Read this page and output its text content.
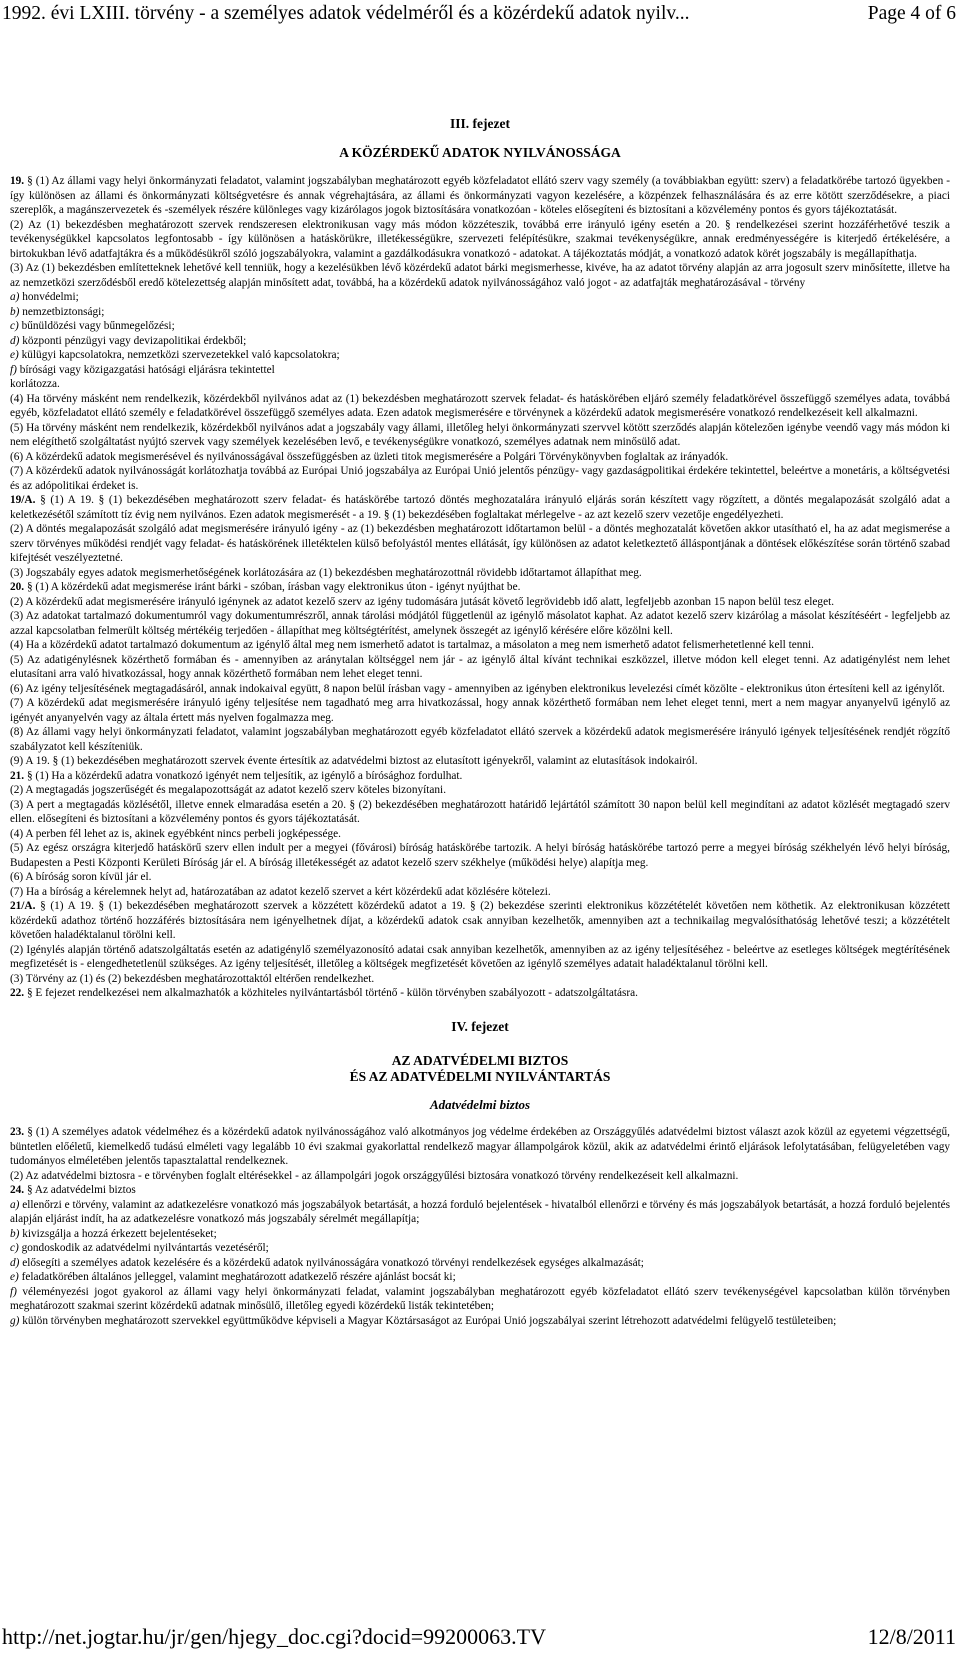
1992. évi LXIII. törvény - a személyes adatok védelméről és a közérdekű adatok nyilv...	Page 4 of 6

III. fejezet

A KÖZÉRDEKŰ ADATOK NYILVÁNOSSÁGA

19. § (1) Az állami vagy helyi önkormányzati feladatot, valamint jogszabályban meghatározott egyéb közfeladatot ellátó szerv vagy személy (a továbbiakban együtt: szerv) a feladatkörébe tartozó ügyekben - így különösen az állami és önkormányzati költségvetésre és annak végrehajtására, az állami és önkormányzati vagyon kezelésére, a közpénzek felhasználására és az erre kötött szerződésekre, a piaci szereplők, a magánszervezetek és -személyek részére különleges vagy kizárólagos jogok biztosítására vonatkozóan - köteles elősegíteni és biztosítani a közvélemény pontos és gyors tájékoztatását.

(2) Az (1) bekezdésben meghatározott szervek rendszeresen elektronikusan vagy más módon közzéteszik, továbbá erre irányuló igény esetén a 20. § rendelkezései szerint hozzáférhetővé teszik a tevékenységükkel kapcsolatos legfontosabb - így különösen a hatáskörükre, illetékességükre, szervezeti felépítésükre, szakmai tevékenységükre, annak eredményességére is kiterjedő értékelésére, a birtokukban lévő adatfajtákra és a működésükről szóló jogszabályokra, valamint a gazdálkodásukra vonatkozó - adatokat. A tájékoztatás módját, a vonatkozó adatok körét jogszabály is megállapíthatja.

(3) Az (1) bekezdésben említetteknek lehetővé kell tenniük, hogy a kezelésükben lévő közérdekű adatot bárki megismerhesse, kivéve, ha az adatot törvény alapján az arra jogosult szerv minősítette, illetve ha az nemzetközi szerződésből eredő kötelezettség alapján minősített adat, továbbá, ha a közérdekű adatok nyilvánosságához való jogot - az adatfajták meghatározásával - törvény

a) honvédelmi;

b) nemzetbiztonsági;

c) bűnüldözési vagy bűnmegelőzési;

d) központi pénzügyi vagy devizapolitikai érdekből;

e) külügyi kapcsolatokra, nemzetközi szervezetekkel való kapcsolatokra;

f) bírósági vagy közigazgatási hatósági eljárásra tekintettel

korlátozza.

(4) Ha törvény másként nem rendelkezik, közérdekből nyilvános adat az (1) bekezdésben meghatározott szervek feladat- és hatáskörében eljáró személy feladatkörével összefüggő személyes adata, továbbá egyéb, közfeladatot ellátó személy e feladatkörével összefüggő személyes adata. Ezen adatok megismerésére e törvénynek a közérdekű adatok megismerésére vonatkozó rendelkezéseit kell alkalmazni.

(5) Ha törvény másként nem rendelkezik, közérdekből nyilvános adat a jogszabály vagy állami, illetőleg helyi önkormányzati szervvel kötött szerződés alapján kötelezően igénybe veendő vagy más módon ki nem elégíthető szolgáltatást nyújtó szervek vagy személyek kezelésében levő, e tevékenységükre vonatkozó, személyes adatnak nem minősülő adat.

(6) A közérdekű adatok megismerésével és nyilvánosságával összefüggésben az üzleti titok megismerésére a Polgári Törvénykönyvben foglaltak az irányadók.

(7) A közérdekű adatok nyilvánosságát korlátozhatja továbbá az Európai Unió jogszabálya az Európai Unió jelentős pénzügy- vagy gazdaságpolitikai érdekére tekintettel, beleértve a monetáris, a költségvetési és az adópolitikai érdeket is.

19/A. § (1) A 19. § (1) bekezdésében meghatározott szerv feladat- és hatáskörébe tartozó döntés meghozatalára irányuló eljárás során készített vagy rögzített, a döntés megalapozását szolgáló adat a keletkezésétől számított tíz évig nem nyilvános. Ezen adatok megismerését - a 19. § (1) bekezdésében foglaltakat mérlegelve - az azt kezelő szerv vezetője engedélyezheti.

(2) A döntés megalapozását szolgáló adat megismerésére irányuló igény - az (1) bekezdésben meghatározott időtartamon belül - a döntés meghozatalát követően akkor utasítható el, ha az adat megismerése a szerv törvényes működési rendjét vagy feladat- és hatáskörének illetéktelen külső befolyástól mentes ellátását, így különösen az adatot keletkeztető álláspontjának a döntések előkészítése során történő szabad kifejtését veszélyeztetné.

(3) Jogszabály egyes adatok megismerhetőségének korlátozására az (1) bekezdésben meghatározottnál rövidebb időtartamot állapíthat meg.

20. § (1) A közérdekű adat megismerése iránt bárki - szóban, írásban vagy elektronikus úton - igényt nyújthat be.

(2) A közérdekű adat megismerésére irányuló igénynek az adatot kezelő szerv az igény tudomására jutását követő legrövidebb idő alatt, legfeljebb azonban 15 napon belül tesz eleget.

(3) Az adatokat tartalmazó dokumentumról vagy dokumentumrészről, annak tárolási módjától függetlenül az igénylő másolatot kaphat. Az adatot kezelő szerv kizárólag a másolat készítéséért - legfeljebb az azzal kapcsolatban felmerült költség mértékéig terjedően - állapíthat meg költségtérítést, amelynek összegét az igénylő kérésére előre közölni kell.

(4) Ha a közérdekű adatot tartalmazó dokumentum az igénylő által meg nem ismerhető adatot is tartalmaz, a másolaton a meg nem ismerhető adatot felismerhetetlenné kell tenni.

(5) Az adatigénylésnek közérthető formában és - amennyiben az aránytalan költséggel nem jár - az igénylő által kívánt technikai eszközzel, illetve módon kell eleget tenni. Az adatigénylést nem lehet elutasítani arra való hivatkozással, hogy annak közérthető formában nem lehet eleget tenni.

(6) Az igény teljesítésének megtagadásáról, annak indokaival együtt, 8 napon belül írásban vagy - amennyiben az igényben elektronikus levelezési címét közölte - elektronikus úton értesíteni kell az igénylőt.

(7) A közérdekű adat megismerésére irányuló igény teljesítése nem tagadható meg arra hivatkozással, hogy annak közérthető formában nem lehet eleget tenni, mert a nem magyar anyanyelvű igénylő az igényét anyanyelvén vagy az általa értett más nyelven fogalmazza meg.

(8) Az állami vagy helyi önkormányzati feladatot, valamint jogszabályban meghatározott egyéb közfeladatot ellátó szervek a közérdekű adatok megismerésére irányuló igények teljesítésének rendjét rögzítő szabályzatot kell készíteniük.

(9) A 19. § (1) bekezdésében meghatározott szervek évente értesítik az adatvédelmi biztost az elutasított igényekről, valamint az elutasítások indokairól.

21. § (1) Ha a közérdekű adatra vonatkozó igényét nem teljesítik, az igénylő a bírósághoz fordulhat.

(2) A megtagadás jogszerűségét és megalapozottságát az adatot kezelő szerv köteles bizonyítani.

(3) A pert a megtagadás közlésétől, illetve ennek elmaradása esetén a 20. § (2) bekezdésében meghatározott határidő lejártától számított 30 napon belül kell megindítani az adatot közlését megtagadó szerv ellen. elősegíteni és biztosítani a közvélemény pontos és gyors tájékoztatását.

(4) A perben fél lehet az is, akinek egyébként nincs perbeli jogképessége.

(5) Az egész országra kiterjedő hatáskörű szerv ellen indult per a megyei (fővárosi) bíróság hatáskörébe tartozik. A helyi bíróság hatáskörébe tartozó perre a megyei bíróság székhelyén lévő helyi bíróság, Budapesten a Pesti Központi Kerületi Bíróság jár el. A bíróság illetékességét az adatot kezelő szerv székhelye (működési helye) alapítja meg.

(6) A bíróság soron kívül jár el.

(7) Ha a bíróság a kérelemnek helyt ad, határozatában az adatot kezelő szervet a kért közérdekű adat közlésére kötelezi.

21/A. § (1) A 19. § (1) bekezdésében meghatározott szervek a közzétett közérdekű adatot a 19. § (2) bekezdése szerinti elektronikus közzétételét követően nem köthetik. Az elektronikusan közzétett közérdekű adathoz történő hozzáférés biztosítására nem igényelhetnek díjat, a közérdekű adatok csak annyiban kezelhetők, amennyiben azt a technikailag megvalósíthatóság lehetővé teszi; a közzétételt követően haladéktalanul törölni kell.

(2) Igénylés alapján történő adatszolgáltatás esetén az adatigénylő személyazonosító adatai csak annyiban kezelhetők, amennyiben az az igény teljesítéséhez - beleértve az esetleges költségek megtérítésének megfizetését is - elengedhetetlenül szükséges. Az igény teljesítését, illetőleg a költségek megfizetését követően az igénylő személyes adatait haladéktalanul törölni kell.

(3) Törvény az (1) és (2) bekezdésben meghatározottaktól eltérően rendelkezhet.

22. § E fejezet rendelkezései nem alkalmazhatók a közhiteles nyilvántartásból történő - külön törvényben szabályozott - adatszolgáltatásra.

IV. fejezet

AZ ADATVÉDELMI BIZTOS

ÉS AZ ADATVÉDELMI NYILVÁNTARTÁS

Adatvédelmi biztos

23. § (1) A személyes adatok védelméhez és a közérdekű adatok nyilvánosságához való alkotmányos jog védelme érdekében az Országgyűlés adatvédelmi biztost választ azok közül az egyetemi végzettségű, büntetlen előéletű, kiemelkedő tudású elméleti vagy legalább 10 évi szakmai gyakorlattal rendelkező magyar állampolgárok közül, akik az adatvédelmi érintő eljárások lefolytatásában, felügyeletében vagy tudományos elméletében jelentős tapasztalattal rendelkeznek.

(2) Az adatvédelmi biztosra - e törvényben foglalt eltérésekkel - az állampolgári jogok országgyűlési biztosára vonatkozó törvény rendelkezéseit kell alkalmazni.

24. § Az adatvédelmi biztos

a) ellenőrzi e törvény, valamint az adatkezelésre vonatkozó más jogszabályok betartását, a hozzá forduló bejelentések - hivatalból ellenőrzi e törvény és más jogszabályok betartását, a hozzá forduló bejelentés alapján eljárást indít, ha az adatkezelésre vonatkozó más jogszabály sérelmét megállapítja;

b) kivizsgálja a hozzá érkezett bejelentéseket;

c) gondoskodik az adatvédelmi nyilvántartás vezetéséről;

d) elősegíti a személyes adatok kezelésére és a közérdekű adatok nyilvánosságára vonatkozó törvényi rendelkezések egységes alkalmazását;

e) feladatkörében általános jelleggel, valamint meghatározott adatkezelő részére ajánlást bocsát ki;

f) véleményezési jogot gyakorol az állami vagy helyi önkormányzati feladat, valamint jogszabályban meghatározott egyéb közfeladatot ellátó szerv tevékenységével kapcsolatban külön törvényben meghatározott szakmai szerint közérdekű adatnak minősülő, illetőleg egyedi közérdekű listák tekintetében;

g) külön törvényben meghatározott szervekkel együttműködve képviseli a Magyar Köztársaságot az Európai Unió jogszabályai szerint létrehozott adatvédelmi felügyelő testületeiben;

http://net.jogtar.hu/jr/gen/hjegy_doc.cgi?docid=99200063.TV	12/8/2011
